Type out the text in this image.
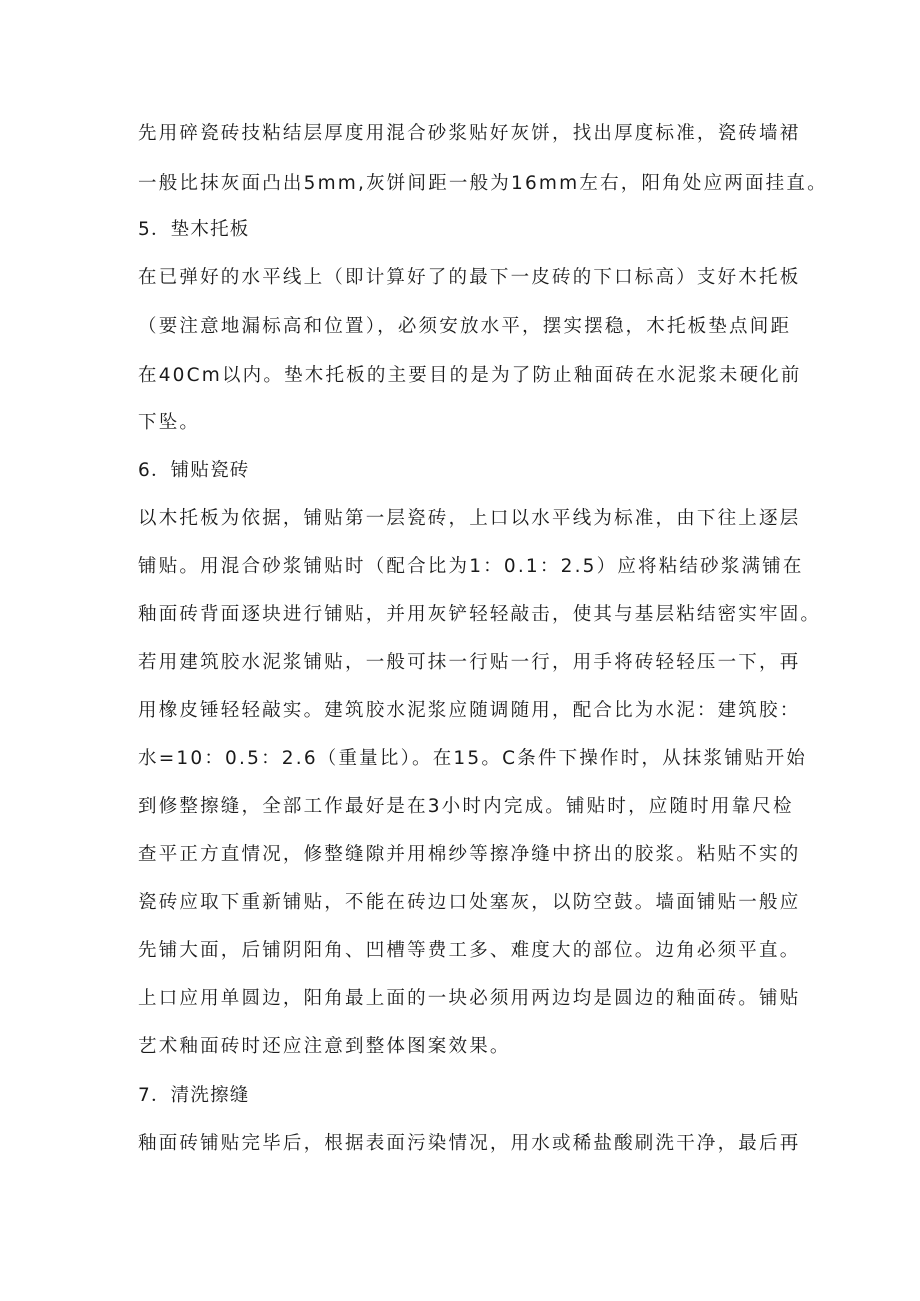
先用碎瓷砖技粘结层厚度用混合砂浆贴好灰饼，找出厚度标准，瓷砖墙裙
一般比抹灰面凸出5mm,灰饼间距一般为16mm左右，阳角处应两面挂直。
5．垫木托板
在已弹好的水平线上（即计算好了的最下一皮砖的下口标高）支好木托板
（要注意地漏标高和位置），必须安放水平，摆实摆稳，木托板垫点间距
在40Cm以内。垫木托板的主要目的是为了防止釉面砖在水泥浆未硬化前
下坠。
6．铺贴瓷砖
以木托板为依据，铺贴第一层瓷砖，上口以水平线为标准，由下往上逐层
铺贴。用混合砂浆铺贴时（配合比为1：0.1：2.5）应将粘结砂浆满铺在
釉面砖背面逐块进行铺贴，并用灰铲轻轻敲击，使其与基层粘结密实牢固。
若用建筑胶水泥浆铺贴，一般可抹一行贴一行，用手将砖轻轻压一下，再
用橡皮锤轻轻敲实。建筑胶水泥浆应随调随用，配合比为水泥：建筑胶：
水=10：0.5：2.6（重量比）。在15。C条件下操作时，从抹浆铺贴开始
到修整擦缝，全部工作最好是在3小时内完成。铺贴时，应随时用靠尺检
查平正方直情况，修整缝隙并用棉纱等擦净缝中挤出的胶浆。粘贴不实的
瓷砖应取下重新铺贴，不能在砖边口处塞灰，以防空鼓。墙面铺贴一般应
先铺大面，后铺阴阳角、凹槽等费工多、难度大的部位。边角必须平直。
上口应用单圆边，阳角最上面的一块必须用两边均是圆边的釉面砖。铺贴
艺术釉面砖时还应注意到整体图案效果。
7．清洗擦缝
釉面砖铺贴完毕后，根据表面污染情况，用水或稀盐酸刷洗干净，最后再
